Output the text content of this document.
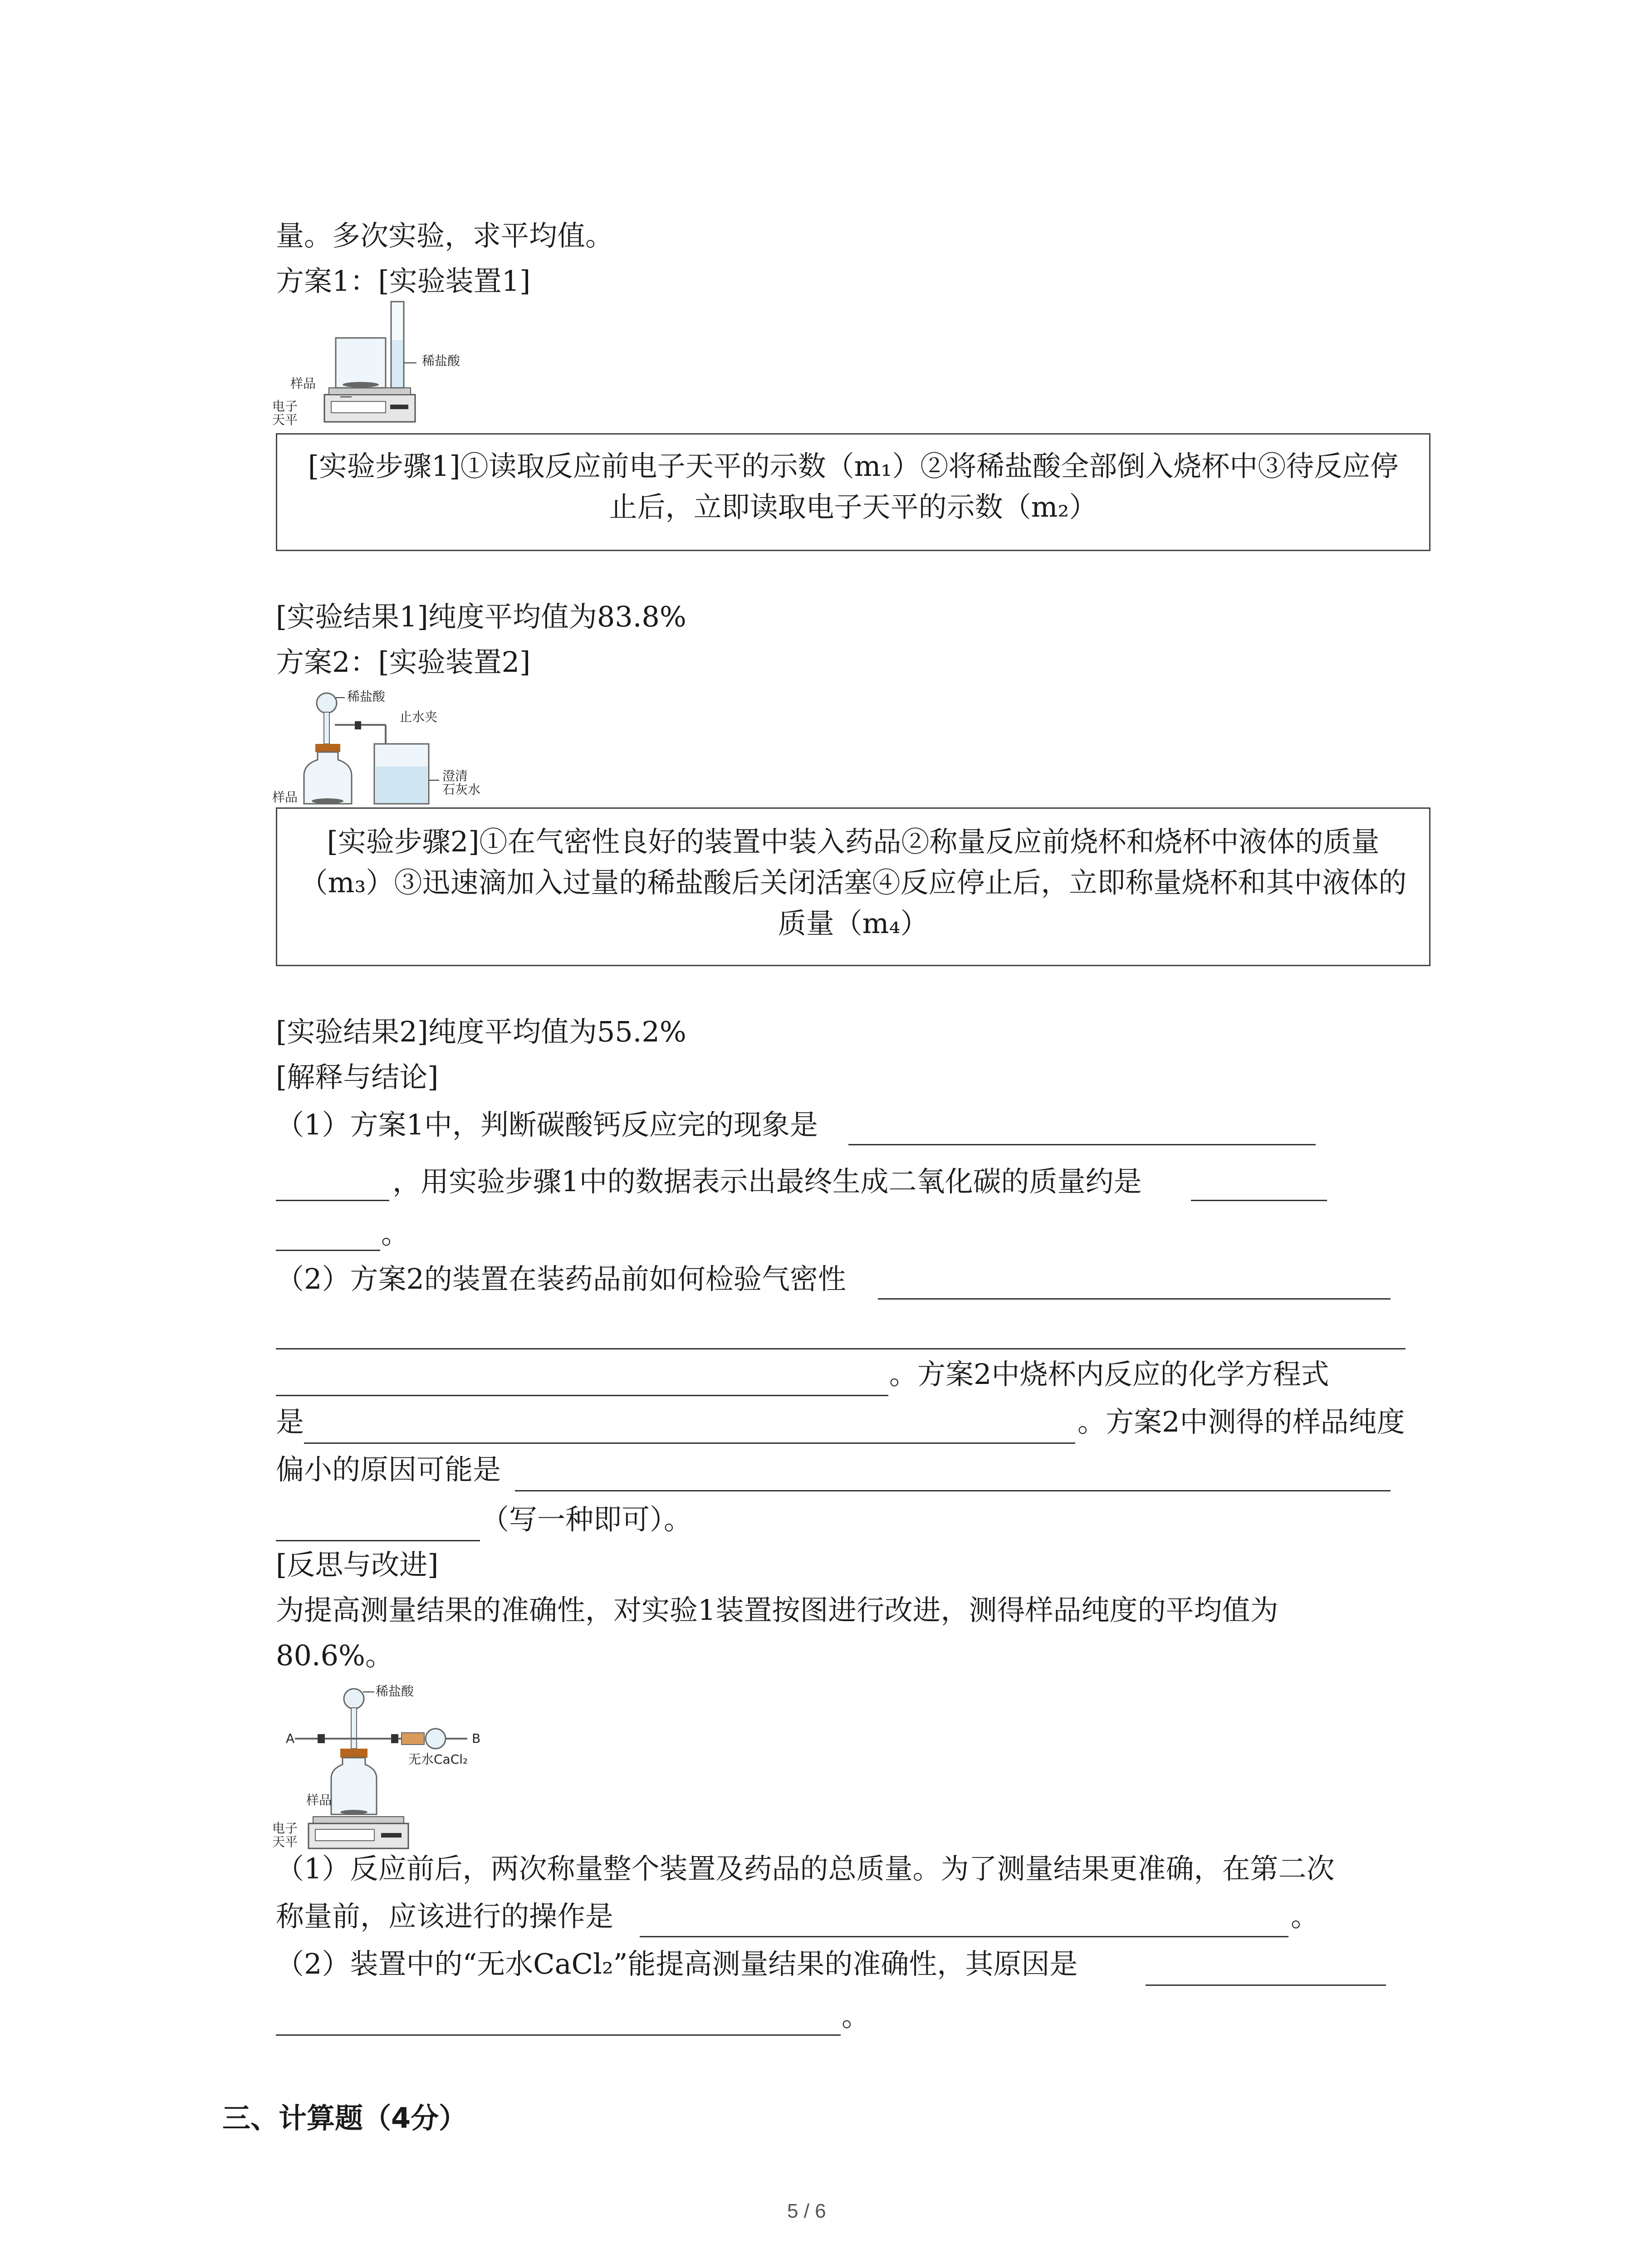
量。多次实验，求平均值。
方案1：[实验装置1]
稀盐酸
样品
电子
天平
[实验步骤1]①读取反应前电子天平的示数（m₁）②将稀盐酸全部倒入烧杯中③待反应停止后，立即读取电子天平的示数（m₂）
[实验结果1]纯度平均值为83.8%
方案2：[实验装置2]
稀盐酸
止水夹
澄清
石灰水
样品
[实验步骤2]①在气密性良好的装置中装入药品②称量反应前烧杯和烧杯中液体的质量（m₃）③迅速滴加入过量的稀盐酸后关闭活塞④反应停止后，立即称量烧杯和其中液体的质量（m₄）
[实验结果2]纯度平均值为55.2%
[解释与结论]
（1）方案1中，判断碳酸钙反应完的现象是
，用实验步骤1中的数据表示出最终生成二氧化碳的质量约是
。
（2）方案2的装置在装药品前如何检验气密性
。方案2中烧杯内反应的化学方程式
是	。方案2中测得的样品纯度
偏小的原因可能是
（写一种即可）。
[反思与改进]
为提高测量结果的准确性，对实验1装置按图进行改进，测得样品纯度的平均值为
80.6%。
稀盐酸
A	B
无水CaCl₂
样品
电子
天平
（1）反应前后，两次称量整个装置及药品的总质量。为了测量结果更准确，在第二次
称量前，应该进行的操作是	。
（2）装置中的“无水CaCl₂”能提高测量结果的准确性，其原因是
。
三、计算题（4分）
5 / 6
